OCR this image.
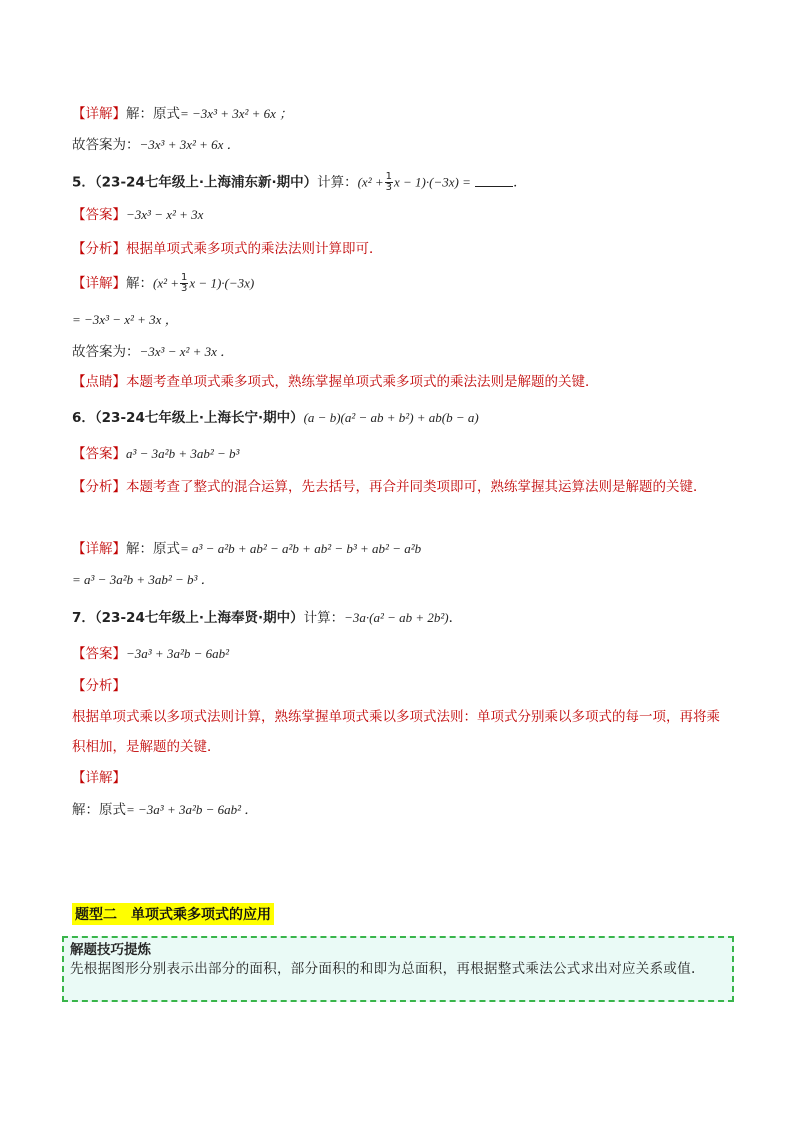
【详解】解：原式= −3x³ + 3x² + 6x ；
故答案为：−3x³ + 3x² + 6x ．
5．（23-24七年级上·上海浦东新·期中）计算：($x^2 + \frac{1}{3}$ x − 1)·(−3x) =	．
【答案】−3x³ − x² + 3x
【分析】根据单项式乘多项式的乘法法则计算即可．
【详解】解：($x^2 + \frac{1}{3}$ x − 1)·(−3x)
= −3x³ − x² + 3x ，
故答案为：−3x³ − x² + 3x ．
【点睛】本题考查单项式乘多项式，熟练掌握单项式乘多项式的乘法法则是解题的关键．
6．（23-24七年级上·上海长宁·期中）(a − b)(a² − ab + b²) + ab(b − a)
【答案】a³ − 3a²b + 3ab² − b³
【分析】本题考查了整式的混合运算，先去括号，再合并同类项即可，熟练掌握其运算法则是解题的关键．
【详解】解：原式= a³ − a²b + ab² − a²b + ab² − b³ + ab² − a²b
= a³ − 3a²b + 3ab² − b³ ．
7．（23-24七年级上·上海奉贤·期中）计算：−3a·(a² − ab + 2b²)．
【答案】−3a³ + 3a²b − 6ab²
【分析】
根据单项式乘以多项式法则计算，熟练掌握单项式乘以多项式法则：单项式分别乘以多项式的每一项，再将乘积相加，是解题的关键．
【详解】
解：原式= −3a³ + 3a²b − 6ab² ．
题型二　单项式乘多项式的应用
解题技巧提炼
先根据图形分别表示出部分的面积，部分面积的和即为总面积，再根据整式乘法公式求出对应关系或值.
